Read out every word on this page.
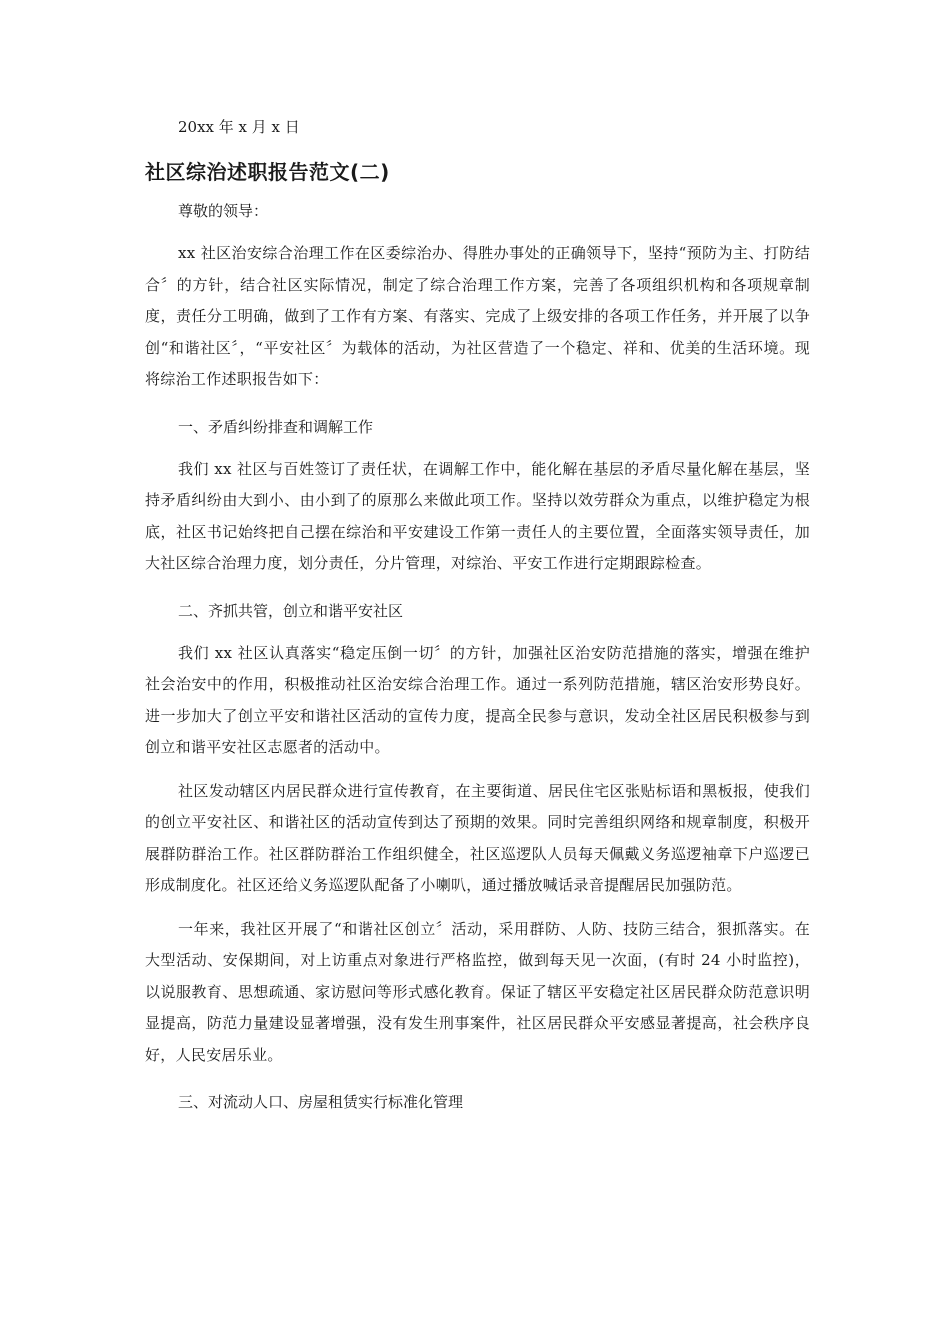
20xx 年 x 月 x 日

社区综治述职报告范文(二)

尊敬的领导：

xx 社区治安综合治理工作在区委综治办、得胜办事处的正确领导下，坚持“预防为主、打防结合〞的方针，结合社区实际情况，制定了综合治理工作方案，完善了各项组织机构和各项规章制度，责任分工明确，做到了工作有方案、有落实、完成了上级安排的各项工作任务，并开展了以争创“和谐社区〞，“平安社区〞为载体的活动，为社区营造了一个稳定、祥和、优美的生活环境。现将综治工作述职报告如下：

一、矛盾纠纷排查和调解工作

我们 xx 社区与百姓签订了责任状，在调解工作中，能化解在基层的矛盾尽量化解在基层，坚持矛盾纠纷由大到小、由小到了的原那么来做此项工作。坚持以效劳群众为重点，以维护稳定为根底，社区书记始终把自己摆在综治和平安建设工作第一责任人的主要位置，全面落实领导责任，加大社区综合治理力度，划分责任，分片管理，对综治、平安工作进行定期跟踪检查。

二、齐抓共管，创立和谐平安社区

我们 xx 社区认真落实“稳定压倒一切〞的方针，加强社区治安防范措施的落实，增强在维护社会治安中的作用，积极推动社区治安综合治理工作。通过一系列防范措施，辖区治安形势良好。进一步加大了创立平安和谐社区活动的宣传力度，提高全民参与意识，发动全社区居民积极参与到创立和谐平安社区志愿者的活动中。

社区发动辖区内居民群众进行宣传教育，在主要街道、居民住宅区张贴标语和黑板报，使我们的创立平安社区、和谐社区的活动宣传到达了预期的效果。同时完善组织网络和规章制度，积极开展群防群治工作。社区群防群治工作组织健全，社区巡逻队人员每天佩戴义务巡逻袖章下户巡逻已形成制度化。社区还给义务巡逻队配备了小喇叭，通过播放喊话录音提醒居民加强防范。

一年来，我社区开展了“和谐社区创立〞活动，采用群防、人防、技防三结合，狠抓落实。在大型活动、安保期间，对上访重点对象进行严格监控，做到每天见一次面，(有时 24 小时监控)，以说服教育、思想疏通、家访慰问等形式感化教育。保证了辖区平安稳定社区居民群众防范意识明显提高，防范力量建设显著增强，没有发生刑事案件，社区居民群众平安感显著提高，社会秩序良好，人民安居乐业。

三、对流动人口、房屋租赁实行标准化管理
